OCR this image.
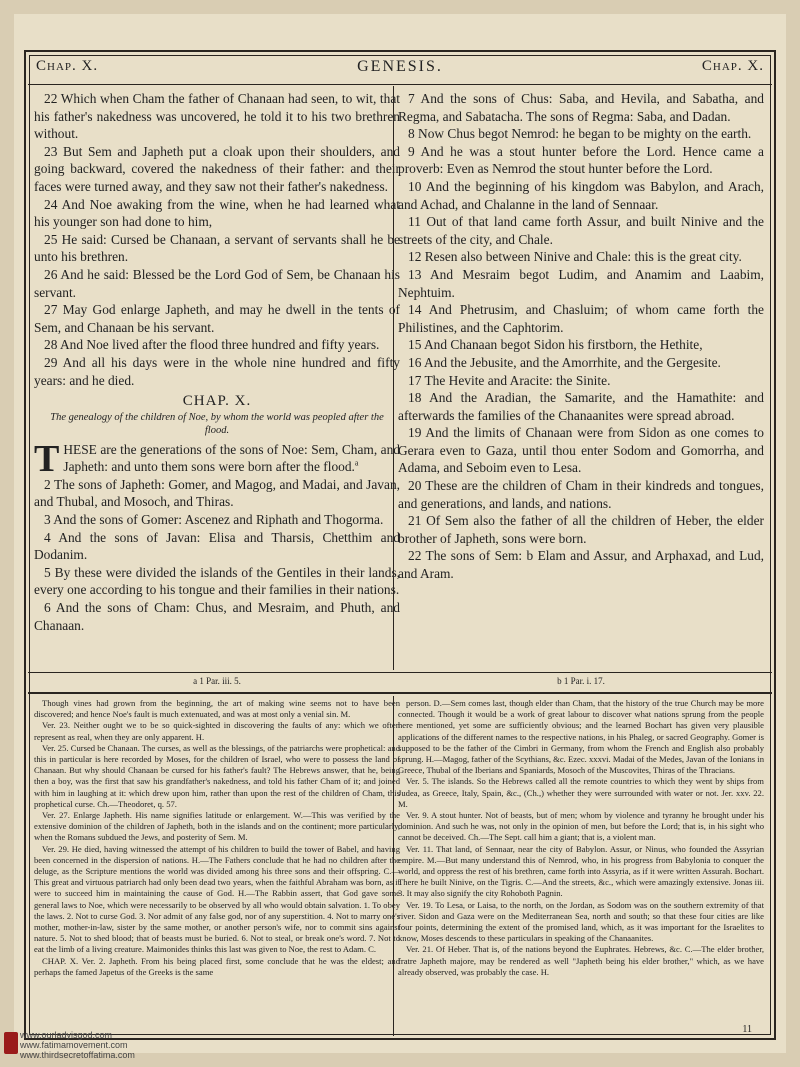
Chap. X.	GENESIS.	Chap. X.

22 Which when Cham the father of Chanaan had seen, to wit, that his father's nakedness was uncovered, he told it to his two brethren without.

23 But Sem and Japheth put a cloak upon their shoulders, and going backward, covered the nakedness of their father: and their faces were turned away, and they saw not their father's nakedness.

24 And Noe awaking from the wine, when he had learned what his younger son had done to him,

25 He said: Cursed be Chanaan, a servant of servants shall he be unto his brethren.

26 And he said: Blessed be the Lord God of Sem, be Chanaan his servant.

27 May God enlarge Japheth, and may he dwell in the tents of Sem, and Chanaan be his servant.

28 And Noe lived after the flood three hundred and fifty years.

29 And all his days were in the whole nine hundred and fifty years: and he died.

CHAP. X.
The genealogy of the children of Noe, by whom the world was peopled after the flood.

THESE are the generations of the sons of Noe: Sem, Cham, and Japheth: and unto them sons were born after the flood.$^a$

2 The sons of Japheth: Gomer, and Magog, and Madai, and Javan, and Thubal, and Mosoch, and Thiras.

3 And the sons of Gomer: Ascenez and Riphath and Thogorma.

4 And the sons of Javan: Elisa and Tharsis, Chetthim and Dodanim.

5 By these were divided the islands of the Gentiles in their lands, every one according to his tongue and their families in their nations.

6 And the sons of Cham: Chus, and Mesraim, and Phuth, and Chanaan.

7 And the sons of Chus: Saba, and Hevila, and Sabatha, and Regma, and Sabatacha. The sons of Regma: Saba, and Dadan.

8 Now Chus begot Nemrod: he began to be mighty on the earth.

9 And he was a stout hunter before the Lord. Hence came a proverb: Even as Nemrod the stout hunter before the Lord.

10 And the beginning of his kingdom was Babylon, and Arach, and Achad, and Chalanne in the land of Sennaar.

11 Out of that land came forth Assur, and built Ninive and the streets of the city, and Chale.

12 Resen also between Ninive and Chale: this is the great city.

13 And Mesraim begot Ludim, and Anamim and Laabim, Nephtuim.

14 And Phetrusim, and Chasluim; of whom came forth the Philistines, and the Caphtorim.

15 And Chanaan begot Sidon his firstborn, the Hethite,

16 And the Jebusite, and the Amorrhite, and the Gergesite.

17 The Hevite and Aracite: the Sinite.

18 And the Aradian, the Samarite, and the Hamathite: and afterwards the families of the Chanaanites were spread abroad.

19 And the limits of Chanaan were from Sidon as one comes to Gerara even to Gaza, until thou enter Sodom and Gomorrha, and Adama, and Seboim even to Lesa.

20 These are the children of Cham in their kindreds and tongues, and generations, and lands, and nations.

21 Of Sem also the father of all the children of Heber, the elder brother of Japheth, sons were born.

22 The sons of Sem: b Elam and Assur, and Arphaxad, and Lud, and Aram.

a 1 Par. iii. 5.	b 1 Par. i. 17.

Though vines had grown from the beginning, the art of making wine seems not to have been discovered; and hence Noe's fault is much extenuated, and was at most only a venial sin. M.

Ver. 23. Neither ought we to be so quick-sighted in discovering the faults of any: which we often represent as real, when they are only apparent. H.

Ver. 25. Cursed be Chanaan. The curses, as well as the blessings, of the patriarchs were prophetical: and this in particular is here recorded by Moses, for the children of Israel, who were to possess the land of Chanaan. But why should Chanaan be cursed for his father's fault? The Hebrews answer, that he, being then a boy, was the first that saw his grandfather's nakedness, and told his father Cham of it; and joined with him in laughing at it: which drew upon him, rather than upon the rest of the children of Cham, this prophetical curse. Ch.—Theodoret, q. 57.

Ver. 27. Enlarge Japheth. His name signifies latitude or enlargement. W.—This was verified by the extensive dominion of the children of Japheth, both in the islands and on the continent; more particularly, when the Romans subdued the Jews, and posterity of Sem. M.

Ver. 29. He died, having witnessed the attempt of his children to build the tower of Babel, and having been concerned in the dispersion of nations. H.—The Fathers conclude that he had no children after the deluge, as the Scripture mentions the world was divided among his three sons and their offspring. C.—This great and virtuous patriarch had only been dead two years, when the faithful Abraham was born, as it were to succeed him in maintaining the cause of God. H.—The Rabbin assert, that God gave some general laws to Noe, which were necessarily to be observed by all who would obtain salvation. 1. To obey the laws. 2. Not to curse God. 3. Nor admit of any false god, nor of any superstition. 4. Not to marry one's mother, mother-in-law, sister by the same mother, or another person's wife, nor to commit sins against nature. 5. Not to shed blood; that of beasts must be buried. 6. Not to steal, or break one's word. 7. Not to eat the limb of a living creature. Maimonides thinks this last was given to Noe, the rest to Adam. C.

CHAP. X. Ver. 2. Japheth. From his being placed first, some conclude that he was the eldest; and perhaps the famed Japetus of the Greeks is the same

person. D.—Sem comes last, though elder than Cham, that the history of the true Church may be more connected. Though it would be a work of great labour to discover what nations sprung from the people here mentioned, yet some are sufficiently obvious; and the learned Bochart has given very plausible applications of the different names to the respective nations, in his Phaleg, or sacred Geography. Gomer is supposed to be the father of the Cimbri in Germany, from whom the French and English also probably sprung. H.—Magog, father of the Scythians, &c. Ezec. xxxvi. Madai of the Medes, Javan of the Ionians in Greece, Thubal of the Iberians and Spaniards, Mosoch of the Muscovites, Thiras of the Thracians.

Ver. 5. The islands. So the Hebrews called all the remote countries to which they went by ships from Judea, as Greece, Italy, Spain, &c., (Ch.,) whether they were surrounded with water or not. Jer. xxv. 22. M.

Ver. 9. A stout hunter. Not of beasts, but of men; whom by violence and tyranny he brought under his dominion. And such he was, not only in the opinion of men, but before the Lord; that is, in his sight who cannot be deceived. Ch.—The Sept. call him a giant; that is, a violent man.

Ver. 11. That land, of Sennaar, near the city of Babylon. Assur, or Ninus, who founded the Assyrian empire. M.—But many understand this of Nemrod, who, in his progress from Babylonia to conquer the world, and oppress the rest of his brethren, came forth into Assyria, as if it were written Assurah. Bochart. There he built Ninive, on the Tigris. C.—And the streets, &c., which were amazingly extensive. Jonas iii. 3. It may also signify the city Rohoboth Pagnin.

Ver. 19. To Lesa, or Laisa, to the north, on the Jordan, as Sodom was on the southern extremity of that river. Sidon and Gaza were on the Mediterranean Sea, north and south; so that these four cities are like four points, determining the extent of the promised land, which, as it was important for the Israelites to know, Moses descends to these particulars in speaking of the Chanaanites.

Ver. 21. Of Heber. That is, of the nations beyond the Euphrates. Hebrews, &c. C.—The elder brother, fratre Japheth majore, may be rendered as well "Japheth being his elder brother," which, as we have already observed, was probably the case. H.

11
www.ourladyisgod.com
www.fatimamovement.com
www.thirdsecretoffatima.com
